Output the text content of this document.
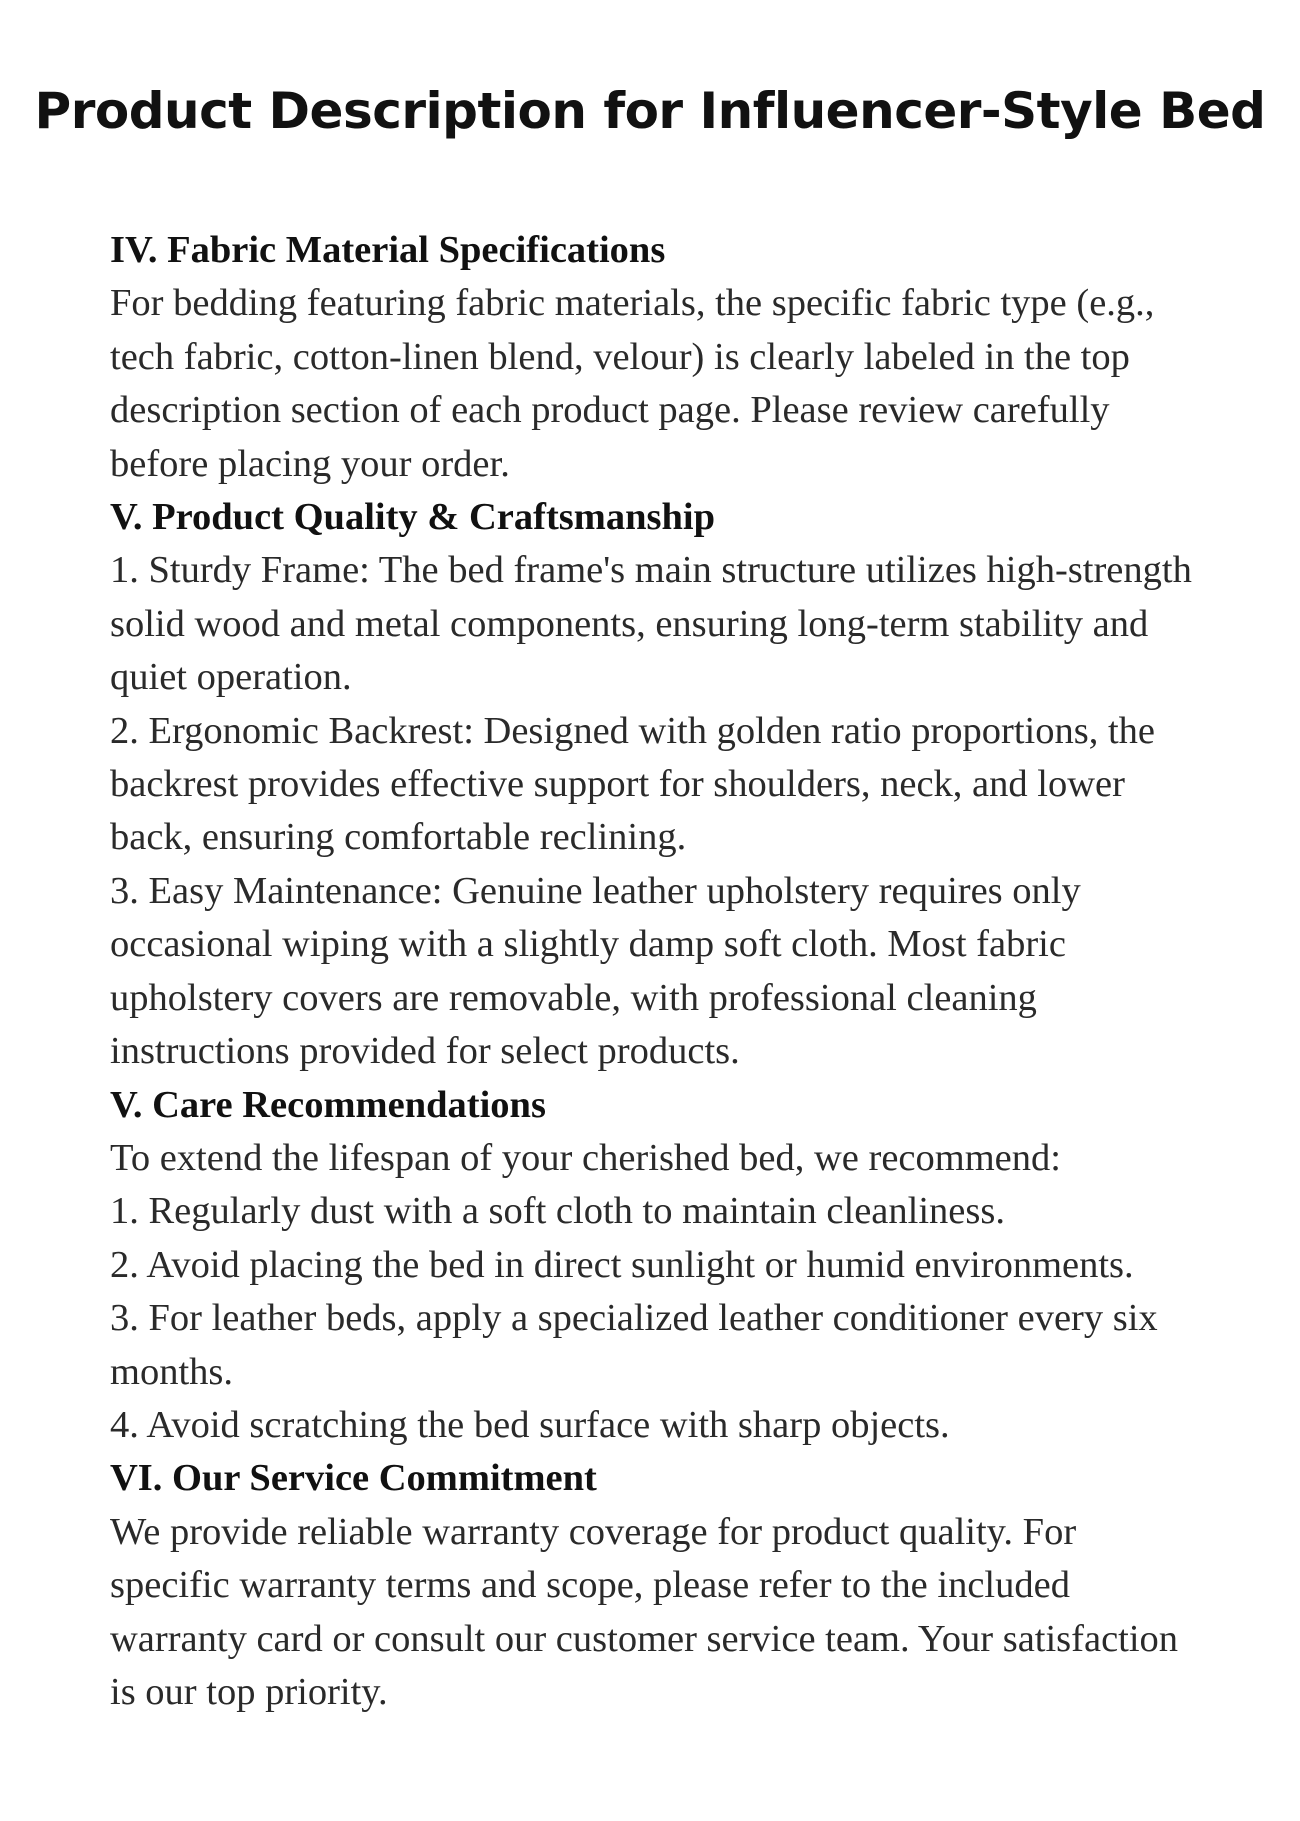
Product Description for Influencer-Style Bed

IV. Fabric Material Specifications

For bedding featuring fabric materials, the specific fabric type (e.g., tech fabric, cotton-linen blend, velour) is clearly labeled in the top description section of each product page. Please review carefully before placing your order.

V. Product Quality & Craftsmanship

1. Sturdy Frame: The bed frame's main structure utilizes high-strength solid wood and metal components, ensuring long-term stability and quiet operation.

2. Ergonomic Backrest: Designed with golden ratio proportions, the backrest provides effective support for shoulders, neck, and lower back, ensuring comfortable reclining.

3. Easy Maintenance: Genuine leather upholstery requires only occasional wiping with a slightly damp soft cloth. Most fabric upholstery covers are removable, with professional cleaning instructions provided for select products.

V. Care Recommendations

To extend the lifespan of your cherished bed, we recommend:

1. Regularly dust with a soft cloth to maintain cleanliness.

2. Avoid placing the bed in direct sunlight or humid environments.

3. For leather beds, apply a specialized leather conditioner every six months.

4. Avoid scratching the bed surface with sharp objects.

VI. Our Service Commitment

We provide reliable warranty coverage for product quality. For specific warranty terms and scope, please refer to the included warranty card or consult our customer service team. Your satisfaction is our top priority.
